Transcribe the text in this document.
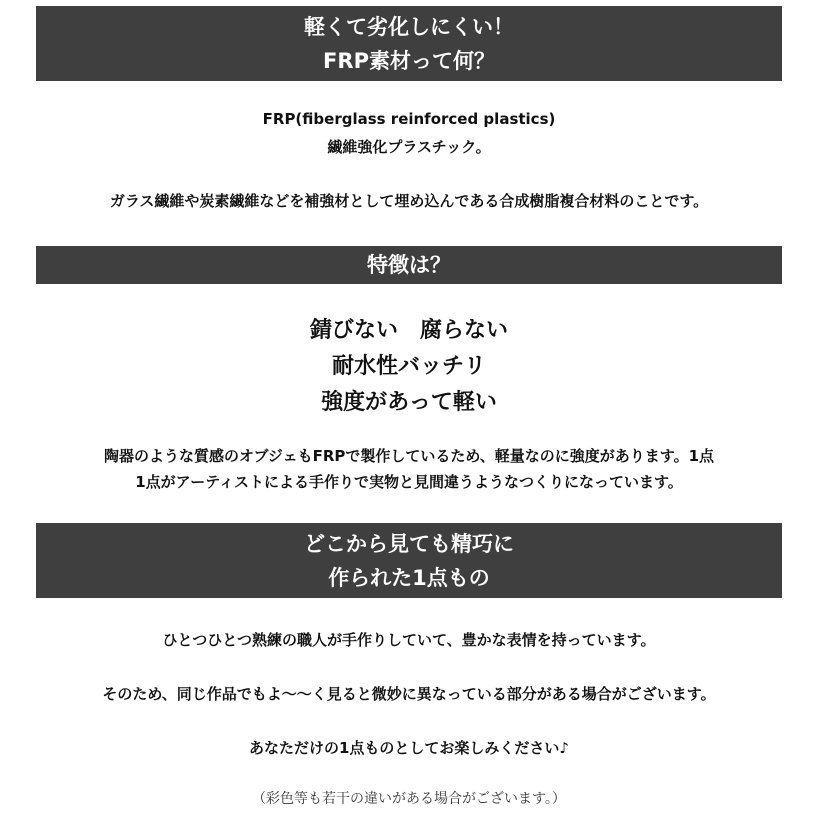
軽くて劣化しにくい！
FRP素材って何？
FRP(fiberglass reinforced plastics)
繊維強化プラスチック。
ガラス繊維や炭素繊維などを補強材として埋め込んである合成樹脂複合材料のことです。
特徴は？
錆びない　腐らない
耐水性バッチリ
強度があって軽い
陶器のような質感のオブジェもFRPで製作しているため、軽量なのに強度があります。1点
1点がアーティストによる手作りで実物と見間違うようなつくりになっています。
どこから見ても精巧に
作られた1点もの
ひとつひとつ熟練の職人が手作りしていて、豊かな表情を持っています。
そのため、同じ作品でもよ～～く見ると微妙に異なっている部分がある場合がございます。
あなただけの1点ものとしてお楽しみください♪
（彩色等も若干の違いがある場合がございます。）
